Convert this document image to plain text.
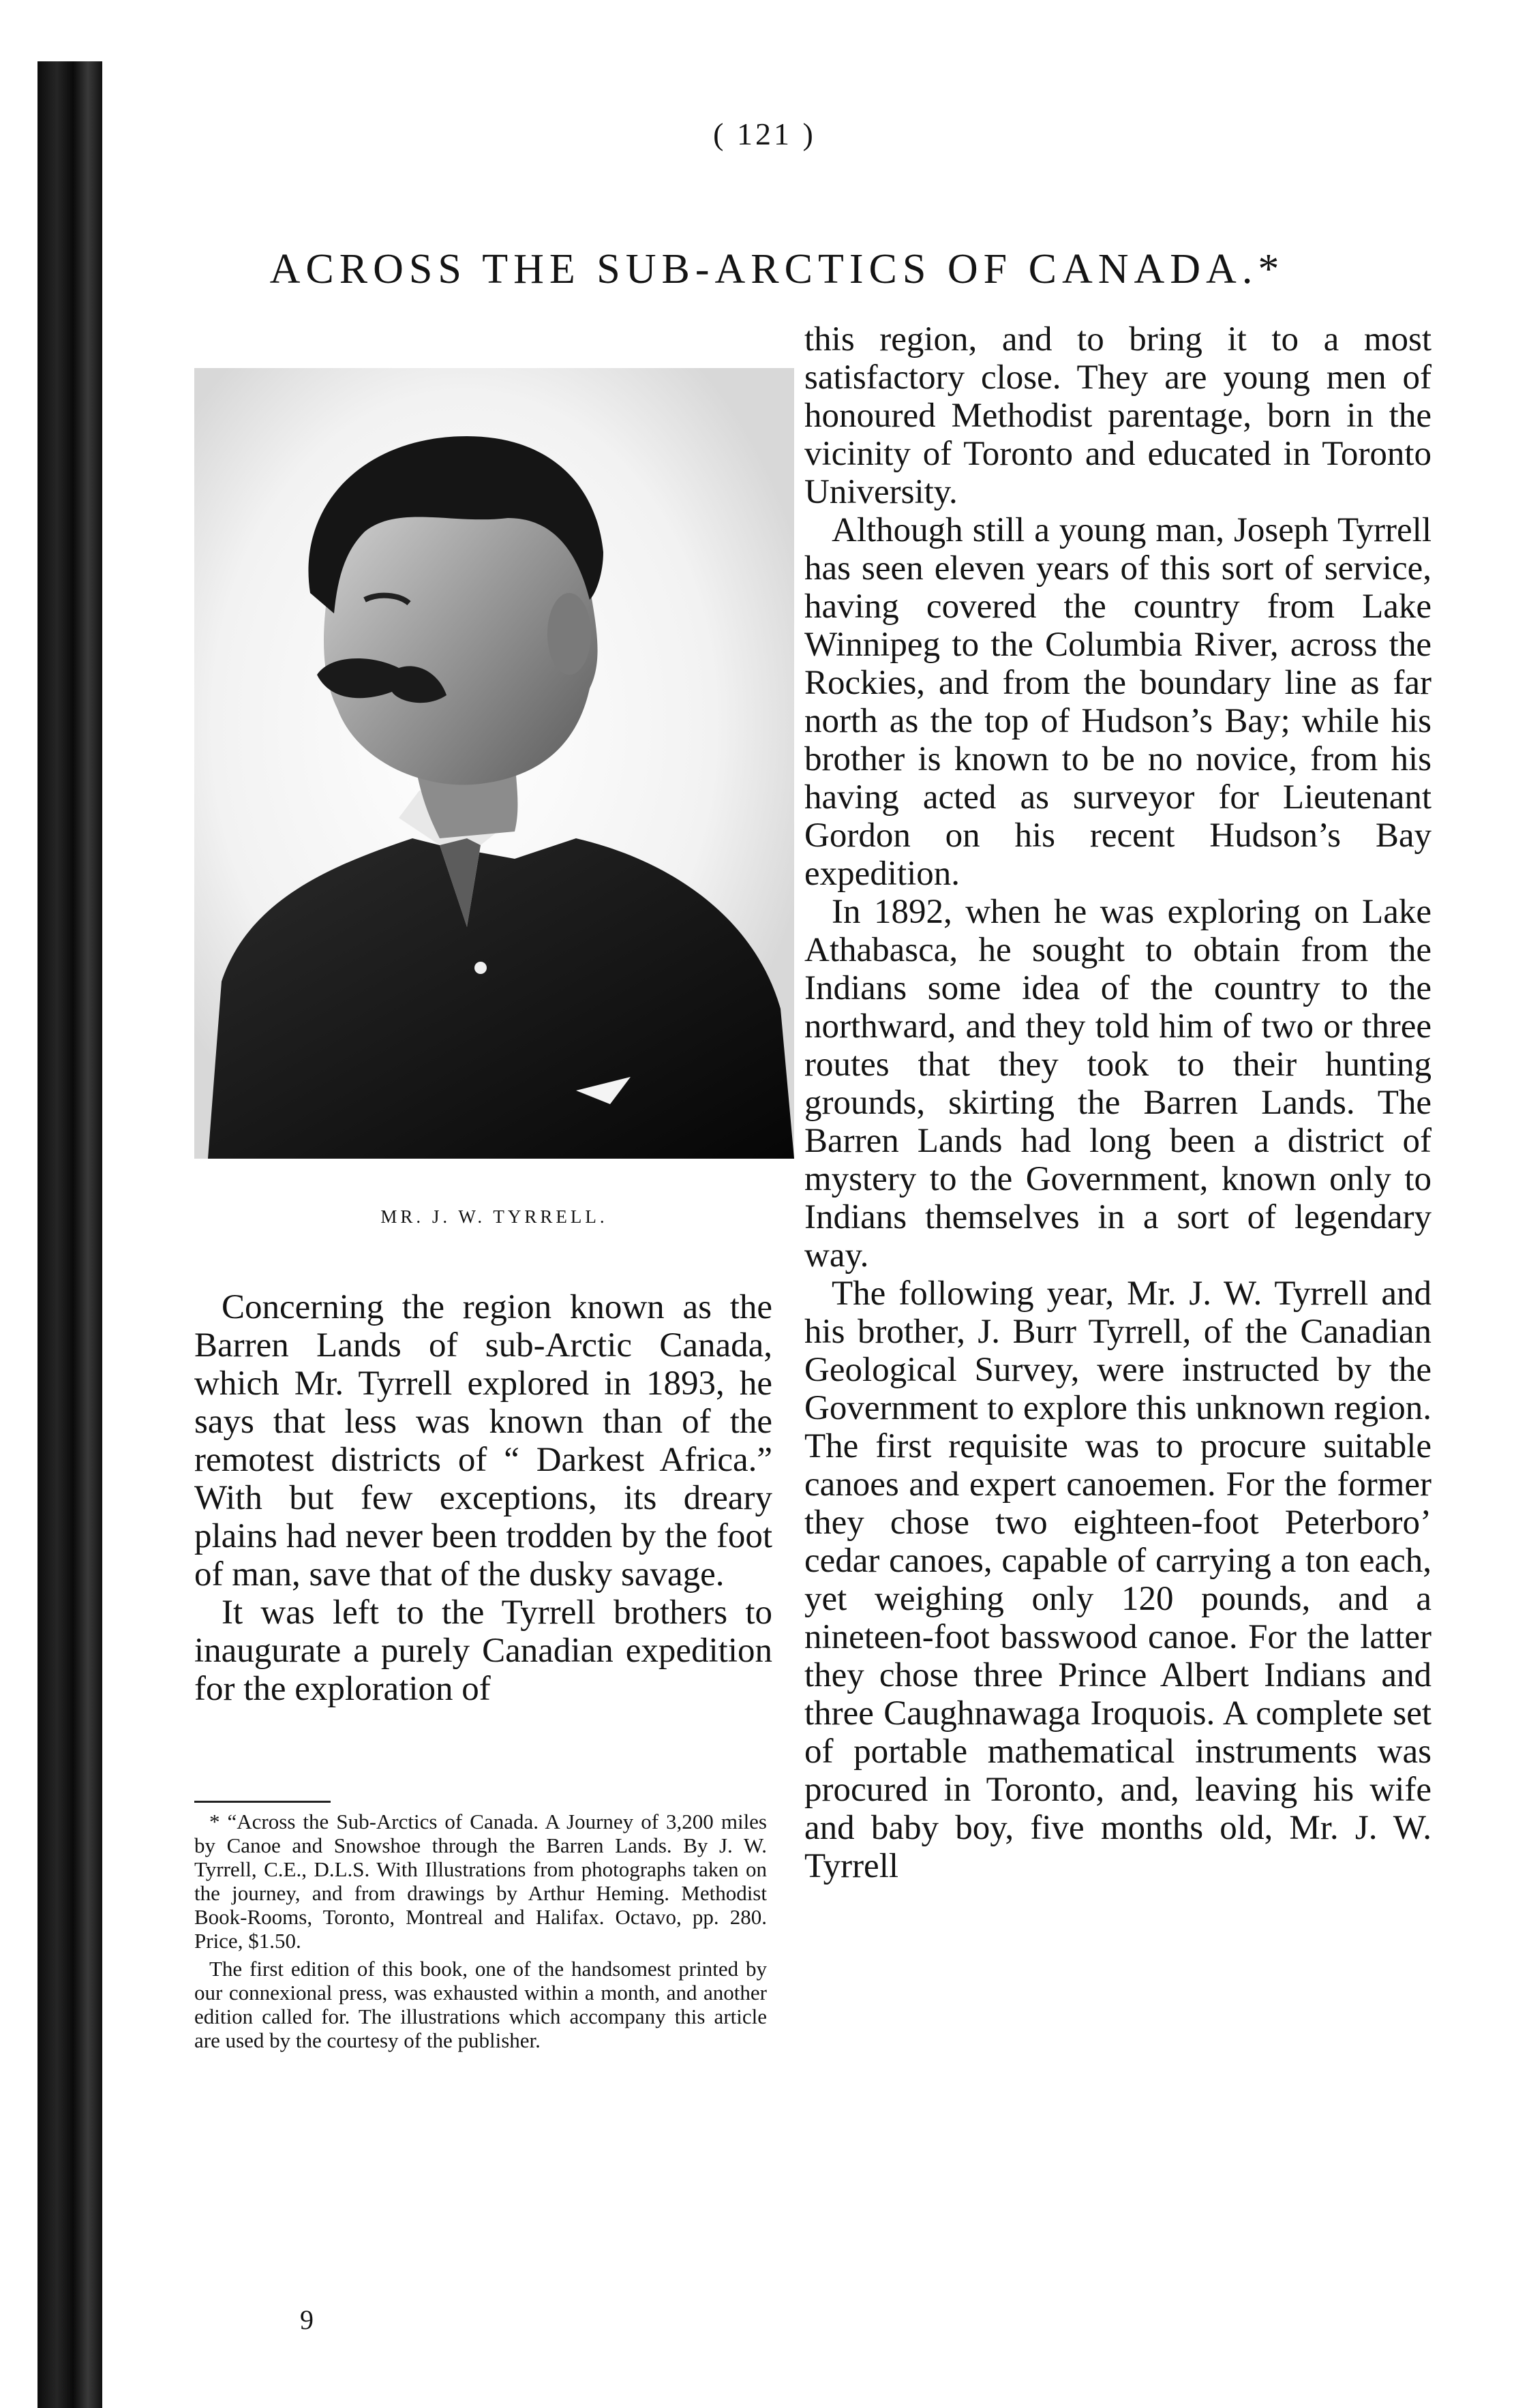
( 121 )
ACROSS THE SUB-ARCTICS OF CANADA.*
MR. J. W. TYRRELL.

Concerning the region known as the Barren Lands of sub-Arctic Canada, which Mr. Tyrrell explored in 1893, he says that less was known than of the remotest districts of “ Darkest Africa.” With but few exceptions, its dreary plains had never been trodden by the foot of man, save that of the dusky savage.

It was left to the Tyrrell brothers to inaugurate a purely Canadian expedition for the exploration of

* “Across the Sub-Arctics of Canada. A Journey of 3,200 miles by Canoe and Snowshoe through the Barren Lands. By J. W. Tyrrell, C.E., D.L.S. With Illustrations from photographs taken on the journey, and from drawings by Arthur Heming. Methodist Book-Rooms, Toronto, Montreal and Halifax. Octavo, pp. 280. Price, $1.50.

The first edition of this book, one of the handsomest printed by our connexional press, was exhausted within a month, and another edition called for. The illustrations which accompany this article are used by the courtesy of the publisher.

9

this region, and to bring it to a most satisfactory close. They are young men of honoured Methodist parentage, born in the vicinity of Toronto and educated in Toronto University.

Although still a young man, Joseph Tyrrell has seen eleven years of this sort of service, having covered the country from Lake Winnipeg to the Columbia River, across the Rockies, and from the boundary line as far north as the top of Hudson’s Bay; while his brother is known to be no novice, from his having acted as surveyor for Lieutenant Gordon on his recent Hudson’s Bay expedition.

In 1892, when he was exploring on Lake Athabasca, he sought to obtain from the Indians some idea of the country to the northward, and they told him of two or three routes that they took to their hunting grounds, skirting the Barren Lands. The Barren Lands had long been a district of mystery to the Government, known only to Indians themselves in a sort of legendary way.

The following year, Mr. J. W. Tyrrell and his brother, J. Burr Tyrrell, of the Canadian Geological Survey, were instructed by the Government to explore this unknown region. The first requisite was to procure suitable canoes and expert canoemen. For the former they chose two eighteen-foot Peterboro’ cedar canoes, capable of carrying a ton each, yet weighing only 120 pounds, and a nineteen-foot basswood canoe. For the latter they chose three Prince Albert Indians and three Caughnawaga Iroquois. A complete set of portable mathematical instruments was procured in Toronto, and, leaving his wife and baby boy, five months old, Mr. J. W. Tyrrell
